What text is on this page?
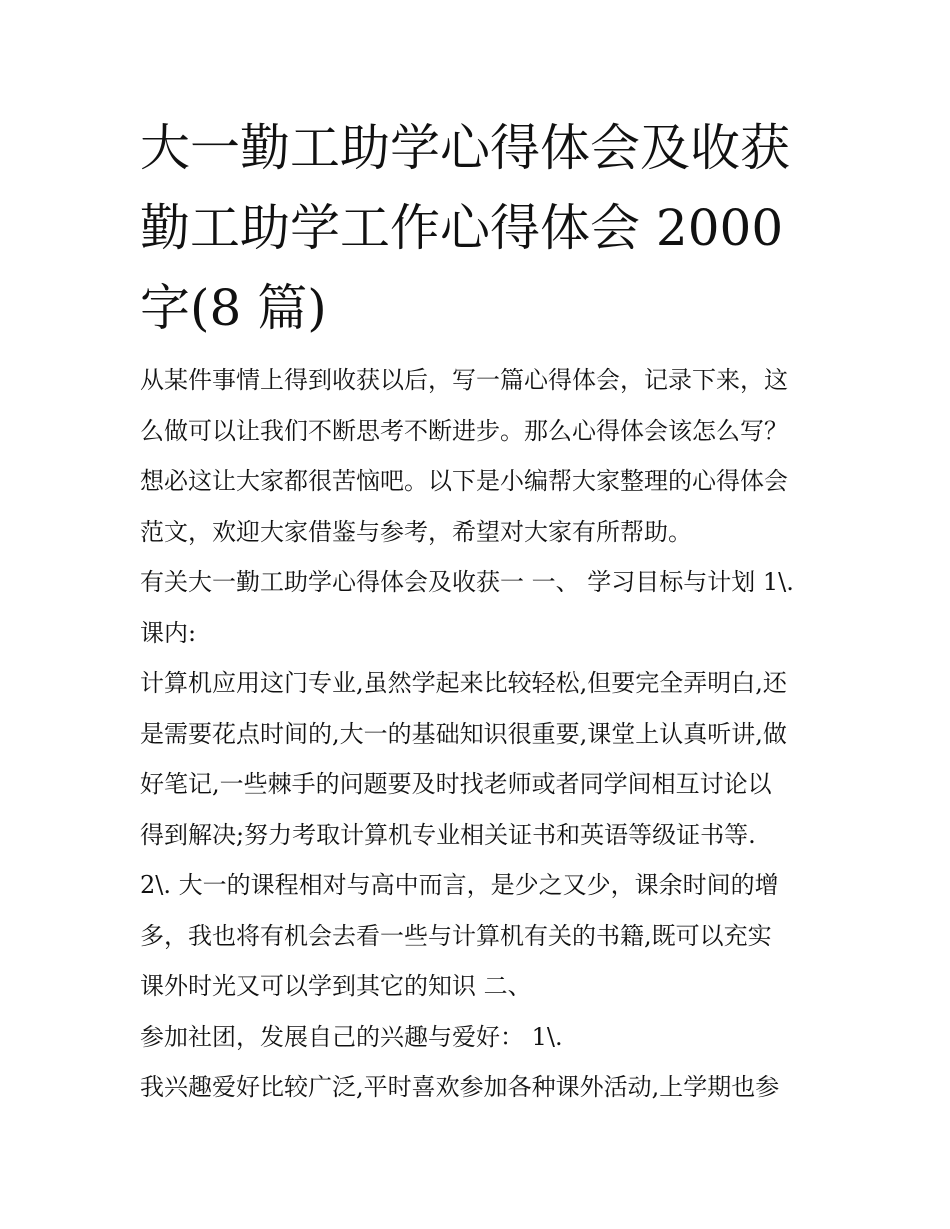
大一勤工助学心得体会及收获
勤工助学工作心得体会 2000
字(8 篇)
从某件事情上得到收获以后，写一篇心得体会，记录下来，这
么做可以让我们不断思考不断进步。那么心得体会该怎么写？
想必这让大家都很苦恼吧。以下是小编帮大家整理的心得体会
范文，欢迎大家借鉴与参考，希望对大家有所帮助。
有关大一勤工助学心得体会及收获一 一、 学习目标与计划 1\.
课内:
计算机应用这门专业,虽然学起来比较轻松,但要完全弄明白,还
是需要花点时间的,大一的基础知识很重要,课堂上认真听讲,做
好笔记,一些棘手的问题要及时找老师或者同学间相互讨论以
得到解决;努力考取计算机专业相关证书和英语等级证书等.
2\. 大一的课程相对与高中而言，是少之又少，课余时间的增
多，我也将有机会去看一些与计算机有关的书籍,既可以充实
课外时光又可以学到其它的知识 二、
参加社团，发展自己的兴趣与爱好： 1\.
我兴趣爱好比较广泛,平时喜欢参加各种课外活动,上学期也参
